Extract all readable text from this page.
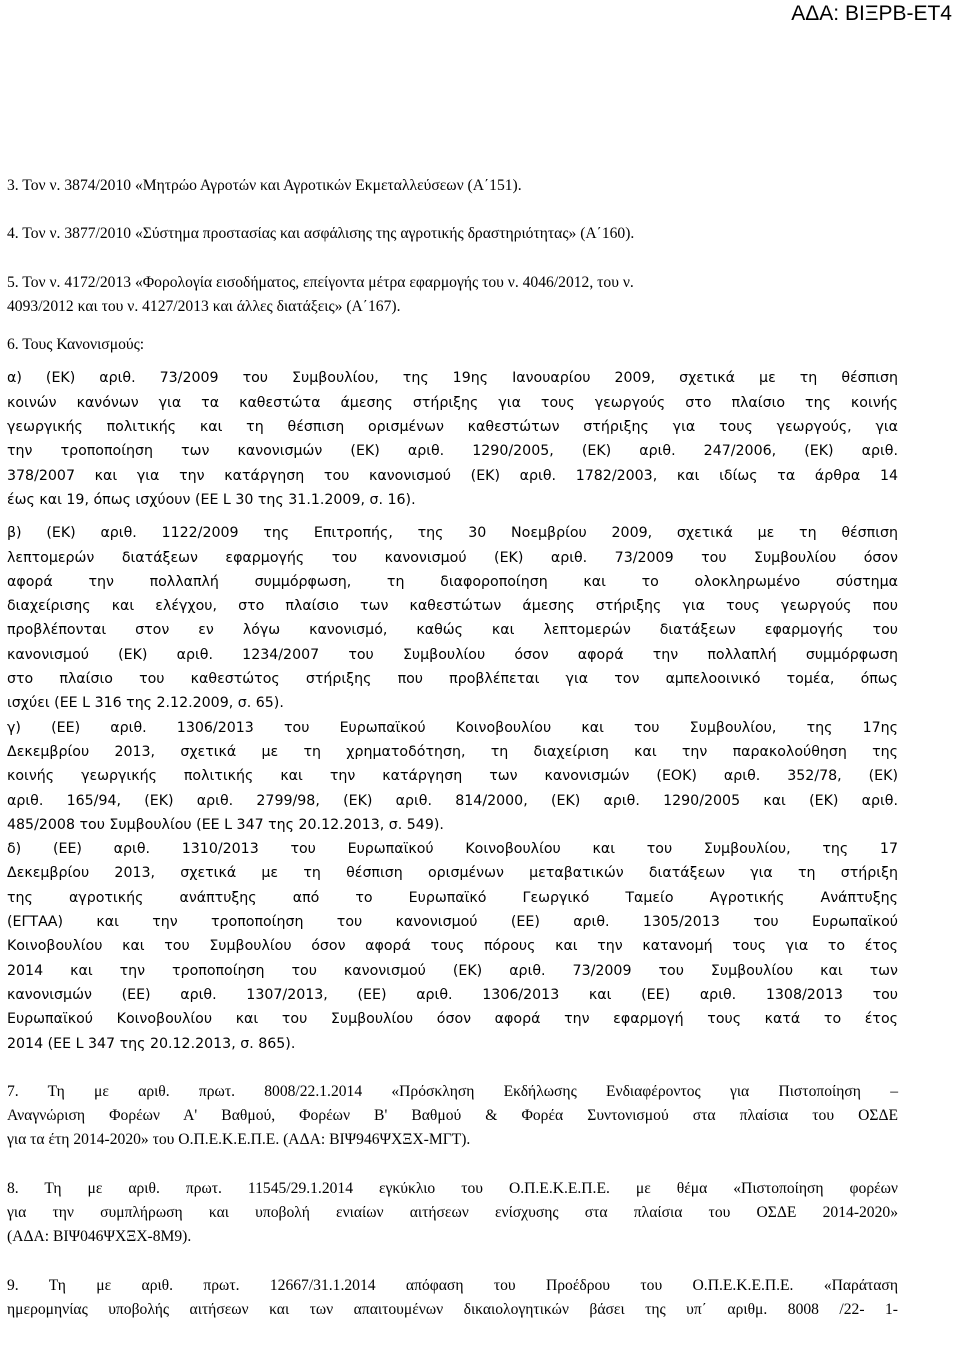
ΑΔΑ: ΒΙΞΡΒ-ΕΤ4

3. Τον ν. 3874/2010 «Μητρώο Αγροτών και Αγροτικών Εκμεταλλεύσεων (Α΄151).

4. Τον ν. 3877/2010 «Σύστημα προστασίας και ασφάλισης της αγροτικής δραστηριότητας» (Α΄160).

5. Τον ν. 4172/2013 «Φορολογία εισοδήματος, επείγοντα μέτρα εφαρμογής του ν. 4046/2012, του ν.
4093/2012 και του ν. 4127/2013 και άλλες διατάξεις» (Α΄167).
6. Τους Κανονισμούς:
α) (ΕΚ) αριθ. 73/2009 του Συμβουλίου, της 19ης Ιανουαρίου 2009, σχετικά με τη θέσπιση
κοινών κανόνων για τα καθεστώτα άμεσης στήριξης για τους γεωργούς στο πλαίσιο της κοινής
γεωργικής πολιτικής και τη θέσπιση ορισμένων καθεστώτων στήριξης για τους γεωργούς, για
την τροποποίηση των κανονισμών (ΕΚ) αριθ. 1290/2005, (ΕΚ) αριθ. 247/2006, (ΕΚ) αριθ.
378/2007 και για την κατάργηση του κανονισμού (ΕΚ) αριθ. 1782/2003, και ιδίως τα άρθρα 14
έως και 19, όπως ισχύουν (ΕΕ L 30 της 31.1.2009, σ. 16).
β) (ΕΚ) αριθ. 1122/2009 της Επιτροπής, της 30 Νοεμβρίου 2009, σχετικά με τη θέσπιση
λεπτομερών διατάξεων εφαρμογής του κανονισμού (ΕΚ) αριθ. 73/2009 του Συμβουλίου όσον
αφορά την πολλαπλή συμμόρφωση, τη διαφοροποίηση και το ολοκληρωμένο σύστημα
διαχείρισης και ελέγχου, στο πλαίσιο των καθεστώτων άμεσης στήριξης για τους γεωργούς που
προβλέπονται στον εν λόγω κανονισμό, καθώς και λεπτομερών διατάξεων εφαρμογής του
κανονισμού (ΕΚ) αριθ. 1234/2007 του Συμβουλίου όσον αφορά την πολλαπλή συμμόρφωση
στο πλαίσιο του καθεστώτος στήριξης που προβλέπεται για τον αμπελοοινικό τομέα, όπως
ισχύει (ΕΕ L 316 της 2.12.2009, σ. 65).
γ) (ΕΕ) αριθ. 1306/2013 του Ευρωπαϊκού Κοινοβουλίου και του Συμβουλίου, της 17ης
Δεκεμβρίου 2013, σχετικά με τη χρηματοδότηση, τη διαχείριση και την παρακολούθηση της
κοινής γεωργικής πολιτικής και την κατάργηση των κανονισμών (ΕΟΚ) αριθ. 352/78, (ΕΚ)
αριθ. 165/94, (ΕΚ) αριθ. 2799/98, (ΕΚ) αριθ. 814/2000, (ΕΚ) αριθ. 1290/2005 και (ΕΚ) αριθ.
485/2008 του Συμβουλίου (ΕΕ L 347 της 20.12.2013, σ. 549).
δ) (ΕΕ) αριθ. 1310/2013 του Ευρωπαϊκού Κοινοβουλίου και του Συμβουλίου, της 17
Δεκεμβρίου 2013, σχετικά με τη θέσπιση ορισμένων μεταβατικών διατάξεων για τη στήριξη
της αγροτικής ανάπτυξης από το Ευρωπαϊκό Γεωργικό Ταμείο Αγροτικής Ανάπτυξης
(ΕΓΤΑΑ) και την τροποποίηση του κανονισμού (ΕΕ) αριθ. 1305/2013 του Ευρωπαϊκού
Κοινοβουλίου και του Συμβουλίου όσον αφορά τους πόρους και την κατανομή τους για το έτος
2014 και την τροποποίηση του κανονισμού (ΕΚ) αριθ. 73/2009 του Συμβουλίου και των
κανονισμών (ΕΕ) αριθ. 1307/2013, (ΕΕ) αριθ. 1306/2013 και (ΕΕ) αριθ. 1308/2013 του
Ευρωπαϊκού Κοινοβουλίου και του Συμβουλίου όσον αφορά την εφαρμογή τους κατά το έτος
2014 (ΕΕ L 347 της 20.12.2013, σ. 865).
7. Τη με αριθ. πρωτ. 8008/22.1.2014 «Πρόσκληση Εκδήλωσης Ενδιαφέροντος για Πιστοποίηση –
Αναγνώριση Φορέων Α' Βαθμού, Φορέων Β' Βαθμού & Φορέα Συντονισμού στα πλαίσια του ΟΣΔΕ
για τα έτη 2014-2020» του Ο.Π.Ε.Κ.Ε.Π.Ε. (ΑΔΑ: ΒΙΨ946ΨΧΞΧ-ΜΓΤ).
8. Τη με αριθ. πρωτ. 11545/29.1.2014 εγκύκλιο του Ο.Π.Ε.Κ.Ε.Π.Ε. με θέμα «Πιστοποίηση φορέων
για την συμπλήρωση και υποβολή ενιαίων αιτήσεων ενίσχυσης στα πλαίσια του ΟΣΔΕ 2014-2020»
(ΑΔΑ: ΒΙΨ046ΨΧΞΧ-8Μ9).
9. Τη με αριθ. πρωτ. 12667/31.1.2014 απόφαση του Προέδρου του Ο.Π.Ε.Κ.Ε.Π.Ε. «Παράταση
ημερομηνίας υποβολής αιτήσεων και των απαιτουμένων δικαιολογητικών βάσει της υπ΄ αριθμ. 8008 /22- 1-
